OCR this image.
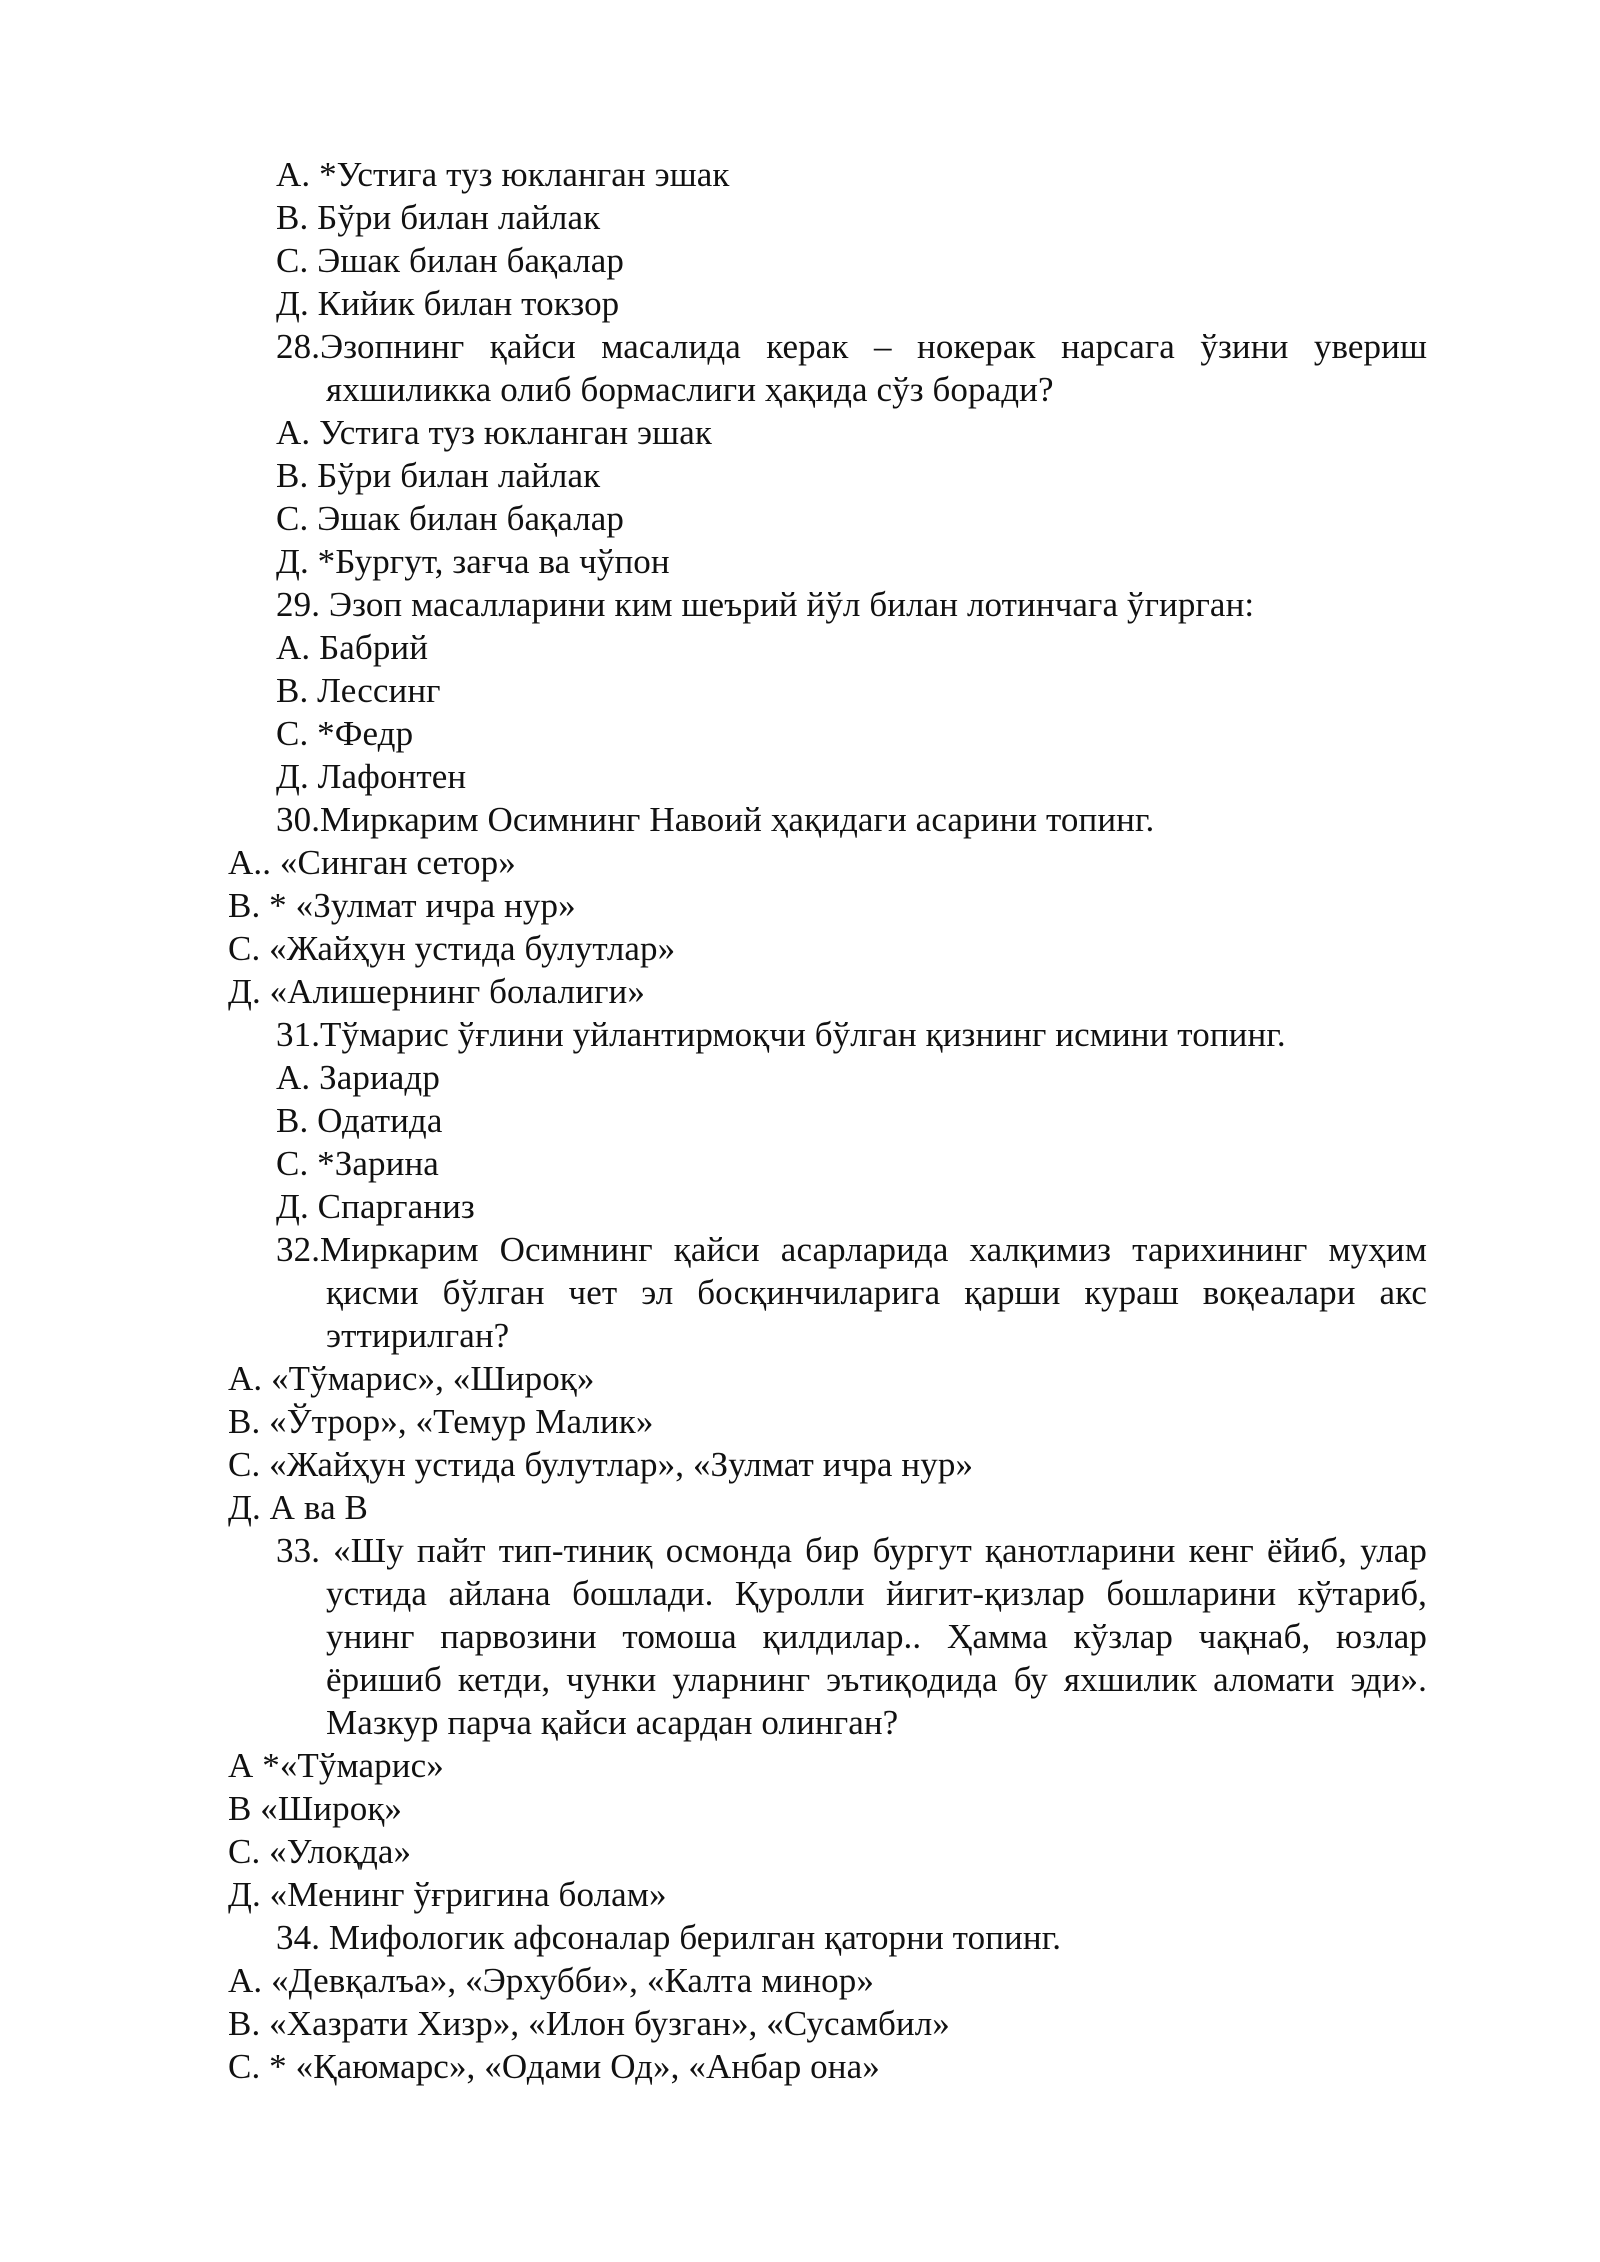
А. *Устига туз юкланган эшак
В. Бўри билан лайлак
С. Эшак билан бақалар
Д. Кийик билан токзор
28.Эзопнинг қайси масалида керак – нокерак нарсага ўзини увериш
яхшиликка олиб бормаслиги ҳақида сўз боради?
А. Устига туз юкланган эшак
В. Бўри билан лайлак
С. Эшак билан бақалар
Д. *Бургут, зағча ва чўпон
29. Эзоп масалларини ким шеърий йўл билан лотинчага ўгирган:
А. Бабрий
В. Лессинг
С. *Федр
Д. Лафонтен
30.Миркарим Осимнинг Навоий ҳақидаги асарини топинг.
А.. «Синган сетор»
В. * «Зулмат ичра нур»
С. «Жайҳун устида булутлар»
Д. «Алишернинг болалиги»
31.Тўмарис ўғлини уйлантирмоқчи бўлган қизнинг исмини топинг.
А. Зариадр
В. Одатида
С. *Зарина
Д. Спарганиз
32.Миркарим Осимнинг қайси асарларида халқимиз тарихининг муҳим
қисми бўлган чет эл босқинчиларига қарши кураш воқеалари акс
эттирилган?
А. «Тўмарис», «Широқ»
В. «Ўтрор», «Темур Малик»
С. «Жайҳун устида булутлар», «Зулмат ичра нур»
Д. А ва В
33. «Шу пайт тип-тиниқ осмонда бир бургут қанотларини кенг ёйиб, улар
устида айлана бошлади. Қуролли йигит-қизлар бошларини кўтариб,
унинг парвозини томоша қилдилар.. Ҳамма кўзлар чақнаб, юзлар
ёришиб кетди, чунки уларнинг эътиқодида бу яхшилик аломати эди».
Мазкур парча қайси асардан олинган?
А *«Тўмарис»
В «Широқ»
С. «Улоқда»
Д. «Менинг ўғригина болам»
34. Мифологик афсоналар берилган қаторни топинг.
А. «Девқалъа», «Эрхубби», «Калта минор»
В. «Хазрати Хизр», «Илон бузган», «Сусамбил»
С. * «Қаюмарс», «Одами Од», «Анбар она»
